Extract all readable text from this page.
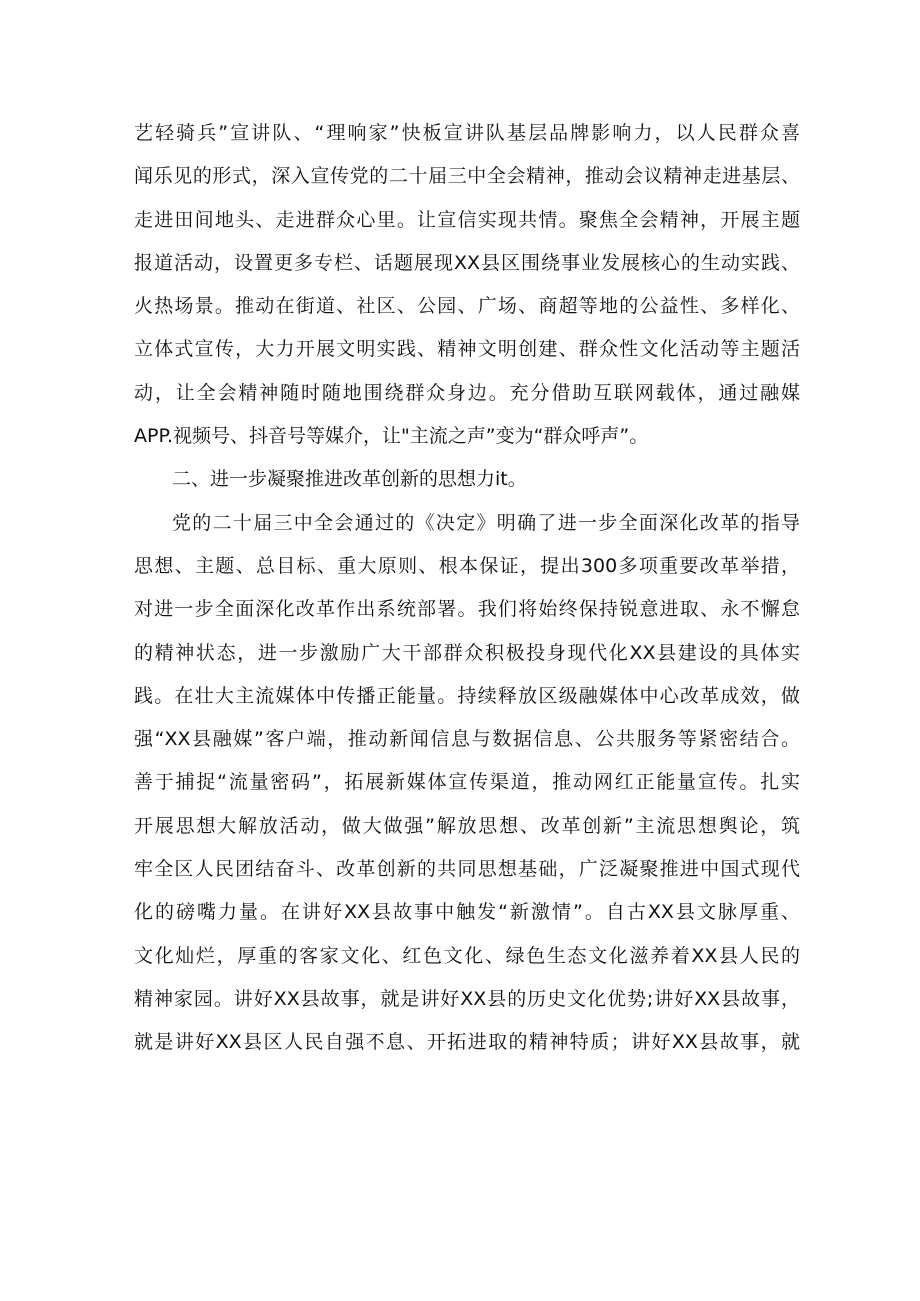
艺轻骑兵”宣讲队、“理响家”快板宣讲队基层品牌影响力，以人民群众喜
闻乐见的形式，深入宣传党的二十届三中全会精神，推动会议精神走进基层、
走进田间地头、走进群众心里。让宣信实现共情。聚焦全会精神，开展主题
报道活动，设置更多专栏、话题展现XX县区围绕事业发展核心的生动实践、
火热场景。推动在街道、社区、公园、广场、商超等地的公益性、多样化、
立体式宣传，大力开展文明实践、精神文明创建、群众性文化活动等主题活
动，让全会精神随时随地围绕群众身边。充分借助互联网载体，通过融媒
APP.视频号、抖音号等媒介，让"主流之声”变为“群众呼声”。
二、进一步凝聚推进改革创新的思想力it。
党的二十届三中全会通过的《决定》明确了进一步全面深化改革的指导
思想、主题、总目标、重大原则、根本保证，提出300多项重要改革举措，
对进一步全面深化改革作出系统部署。我们将始终保持锐意进取、永不懈怠
的精神状态，进一步激励广大干部群众积极投身现代化XX县建设的具体实
践。在壮大主流媒体中传播正能量。持续释放区级融媒体中心改革成效，做
强“XX县融媒”客户端，推动新闻信息与数据信息、公共服务等紧密结合。
善于捕捉“流量密码”，拓展新媒体宣传渠道，推动网红正能量宣传。扎实
开展思想大解放活动，做大做强”解放思想、改革创新”主流思想舆论，筑
牢全区人民团结奋斗、改革创新的共同思想基础，广泛凝聚推进中国式现代
化的磅嘴力量。在讲好XX县故事中触发“新激情”。自古XX县文脉厚重、
文化灿烂，厚重的客家文化、红色文化、绿色生态文化滋养着XX县人民的
精神家园。讲好XX县故事，就是讲好XX县的历史文化优势;讲好XX县故事，
就是讲好XX县区人民自强不息、开拓进取的精神特质；讲好XX县故事，就
